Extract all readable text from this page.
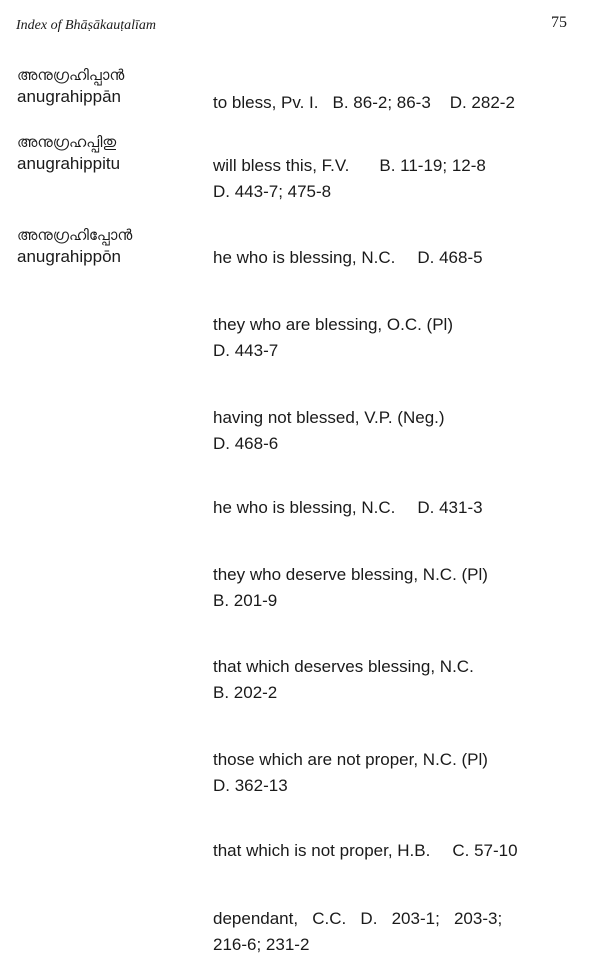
Index of Bhāṣākauṭalīam	75
അനുഗ്രഹിപ്പാൻ
anugrahippān
അനുഗ്രഹപ്പിതു
anugrahippitu
അനുഗ്രഹിപ്പോൻ
anugrahippōn
to bless, Pv. I. B. 86-2; 86-3    D. 282-2
will bless this, F.V. B. 11-19; 12-8
D. 443-7; 475-8
he who is blessing, N.C. D. 468-5
they who are blessing, O.C. (Pl)
D. 443-7
having not blessed, V.P. (Neg.)
D. 468-6
he who is blessing, N.C. D. 431-3
they who deserve blessing, N.C. (Pl)
B. 201-9
that which deserves blessing, N.C.
B. 202-2
those which are not proper, N.C. (Pl)
D. 362-13
that which is not proper, H.B. C. 57-10
dependant,   C.C.   D.   203-1;   203-3;
216-6; 231-2
